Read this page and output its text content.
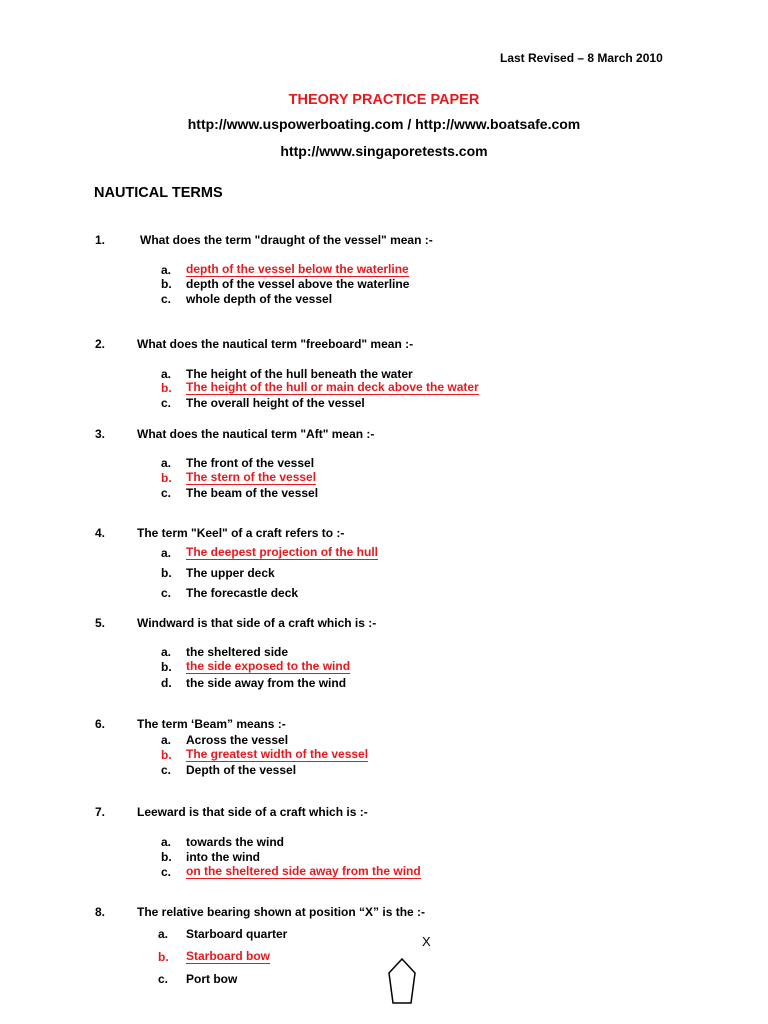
Last Revised – 8 March 2010
THEORY PRACTICE PAPER
http://www.uspowerboating.com / http://www.boatsafe.com
http://www.singaporetests.com
NAUTICAL TERMS
1.	What does the term "draught of the vessel" mean :-
a. depth of the vessel below the waterline
b. depth of the vessel above the waterline
c. whole depth of the vessel
2.	What does the nautical term "freeboard" mean :-
a. The height of the hull beneath the water
b. The height of the hull or main deck above the water
c. The overall height of the vessel
3.	What does the nautical term "Aft" mean :-
a. The front of the vessel
b. The stern of the vessel
c. The beam of the vessel
4.	The term "Keel" of a craft refers to :-
a. The deepest projection of the hull
b. The upper deck
c. The forecastle deck
5.	Windward is that side of a craft which is :-
a. the sheltered side
b. the side exposed to the wind
d. the side away from the wind
6.	The term ‘Beam” means :-
a. Across the vessel
b. The greatest width of the vessel
c. Depth of the vessel
7.	Leeward is that side of a craft which is :-
a. towards the wind
b. into the wind
c. on the sheltered side away from the wind
8.	The relative bearing shown at position “X” is the :-
a. Starboard quarter
b. Starboard bow
c. Port bow
X
